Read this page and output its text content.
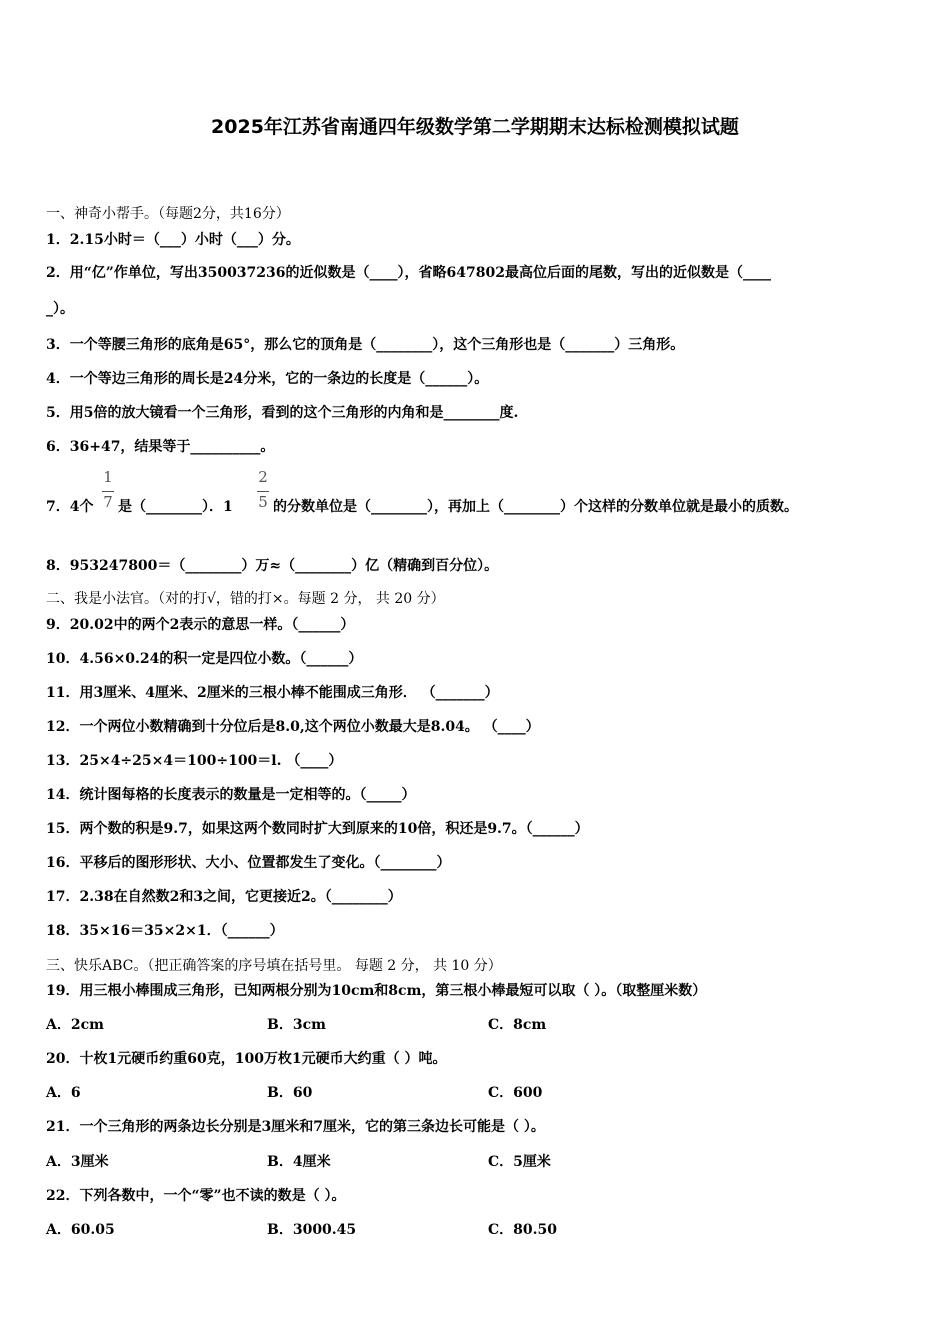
2025年江苏省南通四年级数学第二学期期末达标检测模拟试题
一、神奇小帮手。（每题2分，共16分）
1．2.15小时＝（___）小时（___）分。
2．用“亿”作单位，写出350037236的近似数是（____），省略647802最高位后面的尾数，写出的近似数是（____
_）。
3．一个等腰三角形的底角是65°，那么它的顶角是（________），这个三角形也是（_______）三角形。
4．一个等边三角形的周长是24分米，它的一条边的长度是（______）。
5．用5倍的放大镜看一个三角形，看到的这个三角形的内角和是________度.
6．36+47，结果等于__________。
7．4个
1
7 是（________）．1
2
5 的分数单位是（________），再加上（________）个这样的分数单位就是最小的质数。
8．953247800＝（________）万≈（________）亿（精确到百分位）。
二、我是小法官。（对的打√，错的打×。每题 2 分， 共 20 分）
9．20.02中的两个2表示的意思一样。（______）
10．4.56×0.24的积一定是四位小数。（______）
11．用3厘米、4厘米、2厘米的三根小棒不能围成三角形． （_______）
12．一个两位小数精确到十分位后是8.0,这个两位小数最大是8.04。 （____）
13．25×4÷25×4＝100÷100＝l. （____）
14．统计图每格的长度表示的数量是一定相等的。（_____）
15．两个数的积是9.7，如果这两个数同时扩大到原来的10倍，积还是9.7。（______）
16．平移后的图形形状、大小、位置都发生了变化。（________）
17．2.38在自然数2和3之间，它更接近2。（________）
18．35×16＝35×2×1．（______）
三、快乐ABC。（把正确答案的序号填在括号里。 每题 2 分， 共 10 分）
19．用三根小棒围成三角形，已知两根分别为10cm和8cm，第三根小棒最短可以取（ ）。（取整厘米数）
A．2cm	B．3cm	C．8cm
20．十枚1元硬币约重60克，100万枚1元硬币大约重（ ）吨。
A．6	B．60	C．600
21．一个三角形的两条边长分别是3厘米和7厘米，它的第三条边长可能是（ ）。
A．3厘米	B．4厘米	C．5厘米
22．下列各数中，一个“零”也不读的数是（ ）。
A．60.05	B．3000.45	C．80.50
